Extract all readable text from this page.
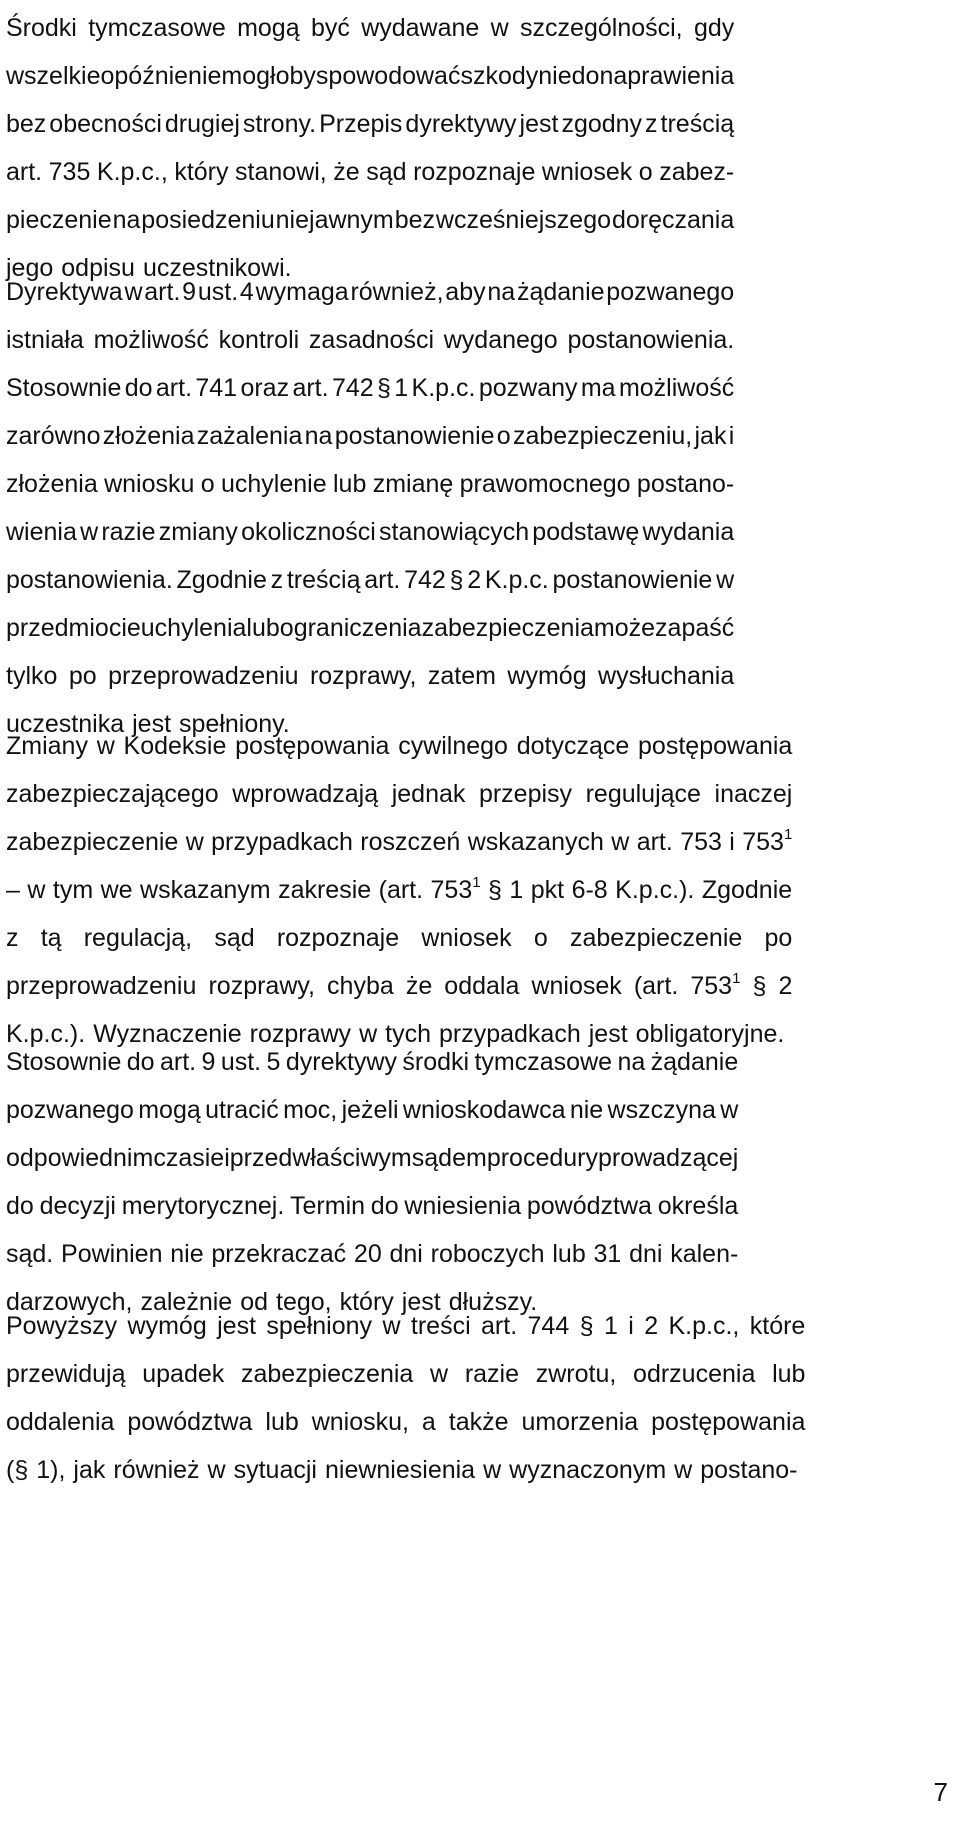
Środki tymczasowe mogą być wydawane w szczególności, gdy
wszelkie opóźnienie mogłoby spowodować szkody nie do naprawienia
bez obecności drugiej strony. Przepis dyrektywy jest zgodny z treścią
art. 735 K.p.c., który stanowi, że sąd rozpoznaje wniosek o zabez-
pieczenie na posiedzeniu niejawnym bez wcześniejszego doręczania
jego odpisu uczestnikowi.
Dyrektywa w art. 9 ust. 4 wymaga również, aby na żądanie pozwanego
istniała możliwość kontroli zasadności wydanego postanowienia.
Stosownie do art. 741 oraz art. 742 § 1 K.p.c. pozwany ma możliwość
zarówno złożenia zażalenia na postanowienie o zabezpieczeniu, jak i
złożenia wniosku o uchylenie lub zmianę prawomocnego postano-
wienia w razie zmiany okoliczności stanowiących podstawę wydania
postanowienia. Zgodnie z treścią art. 742 § 2 K.p.c. postanowienie w
przedmiocie uchylenia lub ograniczenia zabezpieczenia może zapaść
tylko po przeprowadzeniu rozprawy, zatem wymóg wysłuchania
uczestnika jest spełniony.
Zmiany w Kodeksie postępowania cywilnego dotyczące postępowania
zabezpieczającego wprowadzają jednak przepisy regulujące inaczej
zabezpieczenie w przypadkach roszczeń wskazanych w art. 753 i $753^1$
– w tym we wskazanym zakresie (art. $753^1$ § 1 pkt 6-8 K.p.c.). Zgodnie
z tą regulacją, sąd rozpoznaje wniosek o zabezpieczenie po
przeprowadzeniu rozprawy, chyba że oddala wniosek (art. $753^1$ § 2
K.p.c.). Wyznaczenie rozprawy w tych przypadkach jest obligatoryjne.
Stosownie do art. 9 ust. 5 dyrektywy środki tymczasowe na żądanie
pozwanego mogą utracić moc, jeżeli wnioskodawca nie wszczyna w
odpowiednim czasie i przed właściwym sądem procedury prowadzącej
do decyzji merytorycznej. Termin do wniesienia powództwa określa
sąd. Powinien nie przekraczać 20 dni roboczych lub 31 dni kalen-
darzowych, zależnie od tego, który jest dłuższy.
Powyższy wymóg jest spełniony w treści art. 744 § 1 i 2 K.p.c., które
przewidują upadek zabezpieczenia w razie zwrotu, odrzucenia lub
oddalenia powództwa lub wniosku, a także umorzenia postępowania
(§ 1), jak również w sytuacji niewniesienia w wyznaczonym w postano-
7
